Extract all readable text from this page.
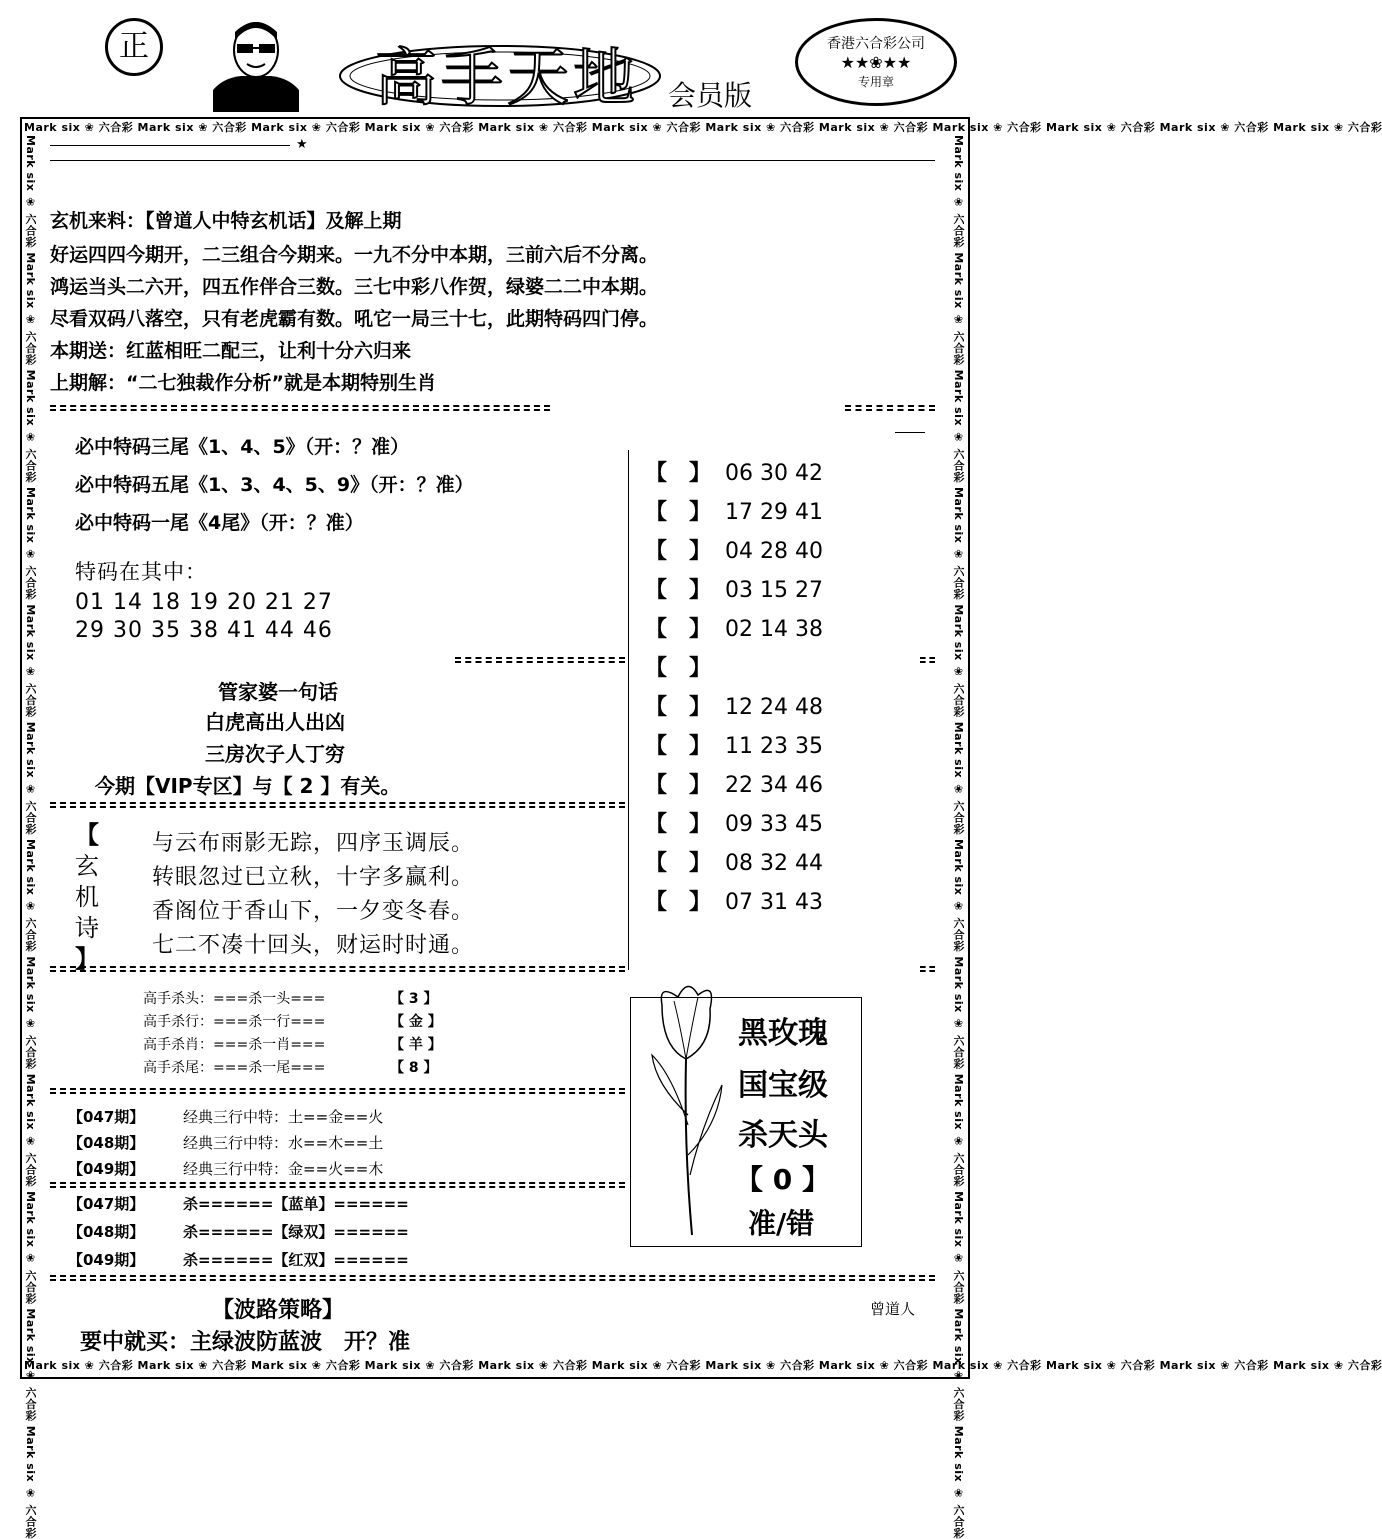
正	高手天地 会员版
香港六合彩公司
★★❀★★
专用章
Mark six ❀ 六合彩 Mark six ❀ 六合彩 Mark six ❀ 六合彩 Mark six ❀ 六合彩 Mark six ❀ 六合彩 Mark six ❀ 六合彩 Mark six ❀ 六合彩 Mark six ❀ 六合彩 Mark six ❀ 六合彩 Mark six ❀ 六合彩 Mark six ❀ 六合彩 Mark six ❀ 六合彩
Mark six ❀ 六合彩 Mark six ❀ 六合彩 Mark six ❀ 六合彩 Mark six ❀ 六合彩 Mark six ❀ 六合彩 Mark six ❀ 六合彩 Mark six ❀ 六合彩 Mark six ❀ 六合彩 Mark six ❀ 六合彩 Mark six ❀ 六合彩 Mark six ❀ 六合彩 Mark six ❀ 六合彩
Mark six ❀ 六合彩 Mark six ❀ 六合彩 Mark six ❀ 六合彩 Mark six ❀ 六合彩 Mark six ❀ 六合彩 Mark six ❀ 六合彩 Mark six ❀ 六合彩 Mark six ❀ 六合彩 Mark six ❀ 六合彩 Mark six ❀ 六合彩 Mark six ❀ 六合彩 Mark six ❀ 六合彩	Mark six ❀ 六合彩 Mark six ❀ 六合彩 Mark six ❀ 六合彩 Mark six ❀ 六合彩 Mark six ❀ 六合彩 Mark six ❀ 六合彩 Mark six ❀ 六合彩 Mark six ❀ 六合彩 Mark six ❀ 六合彩 Mark six ❀ 六合彩 Mark six ❀ 六合彩 Mark six ❀ 六合彩
★
玄机来料：【曾道人中特玄机话】及解上期
好运四四今期开，二三组合今期来。一九不分中本期，三前六后不分离。
鸿运当头二六开，四五作伴合三数。三七中彩八作贺，绿婆二二中本期。
尽看双码八落空，只有老虎霸有数。吼它一局三十七，此期特码四门停。
本期送：红蓝相旺二配三，让利十分六归来
上期解：“二七独裁作分析”就是本期特别生肖
必中特码三尾《1、4、5》（开：？准）
必中特码五尾《1、3、4、5、9》（开：？准）
必中特码一尾《4尾》（开：？准）
特码在其中：
01 14 18 19 20 21 27
29 30 35 38 41 44 46
管家婆一句话
白虎高出人出凶
三房次子人丁穷
今期【VIP专区】与【 2 】有关。
【
玄
机
诗
】
与云布雨影无踪，四序玉调辰。
转眼忽过已立秋，十字多赢利。
香阁位于香山下，一夕变冬春。
七二不凑十回头，财运时时通。
【　】 06 30 42
【　】 17 29 41
【　】 04 28 40
【　】 03 15 27
【　】 02 14 38
【　】
【　】 12 24 48
【　】 11 23 35
【　】 22 34 46
【　】 09 33 45
【　】 08 32 44
【　】 07 31 43
高手杀头：===杀一头===	【 3 】
高手杀行：===杀一行===	【 金 】
高手杀肖：===杀一肖===	【 羊 】
高手杀尾：===杀一尾===	【 8 】
黑玫瑰
国宝级
杀天头
【 0 】
准/错
【047期】	经典三行中特：土==金==火
【048期】	经典三行中特：水==木==土
【049期】	经典三行中特：金==火==木
【047期】	杀======【蓝单】======
【048期】	杀======【绿双】======
【049期】	杀======【红双】======
【波路策略】
要中就买：主绿波防蓝波　开？准
曾道人
